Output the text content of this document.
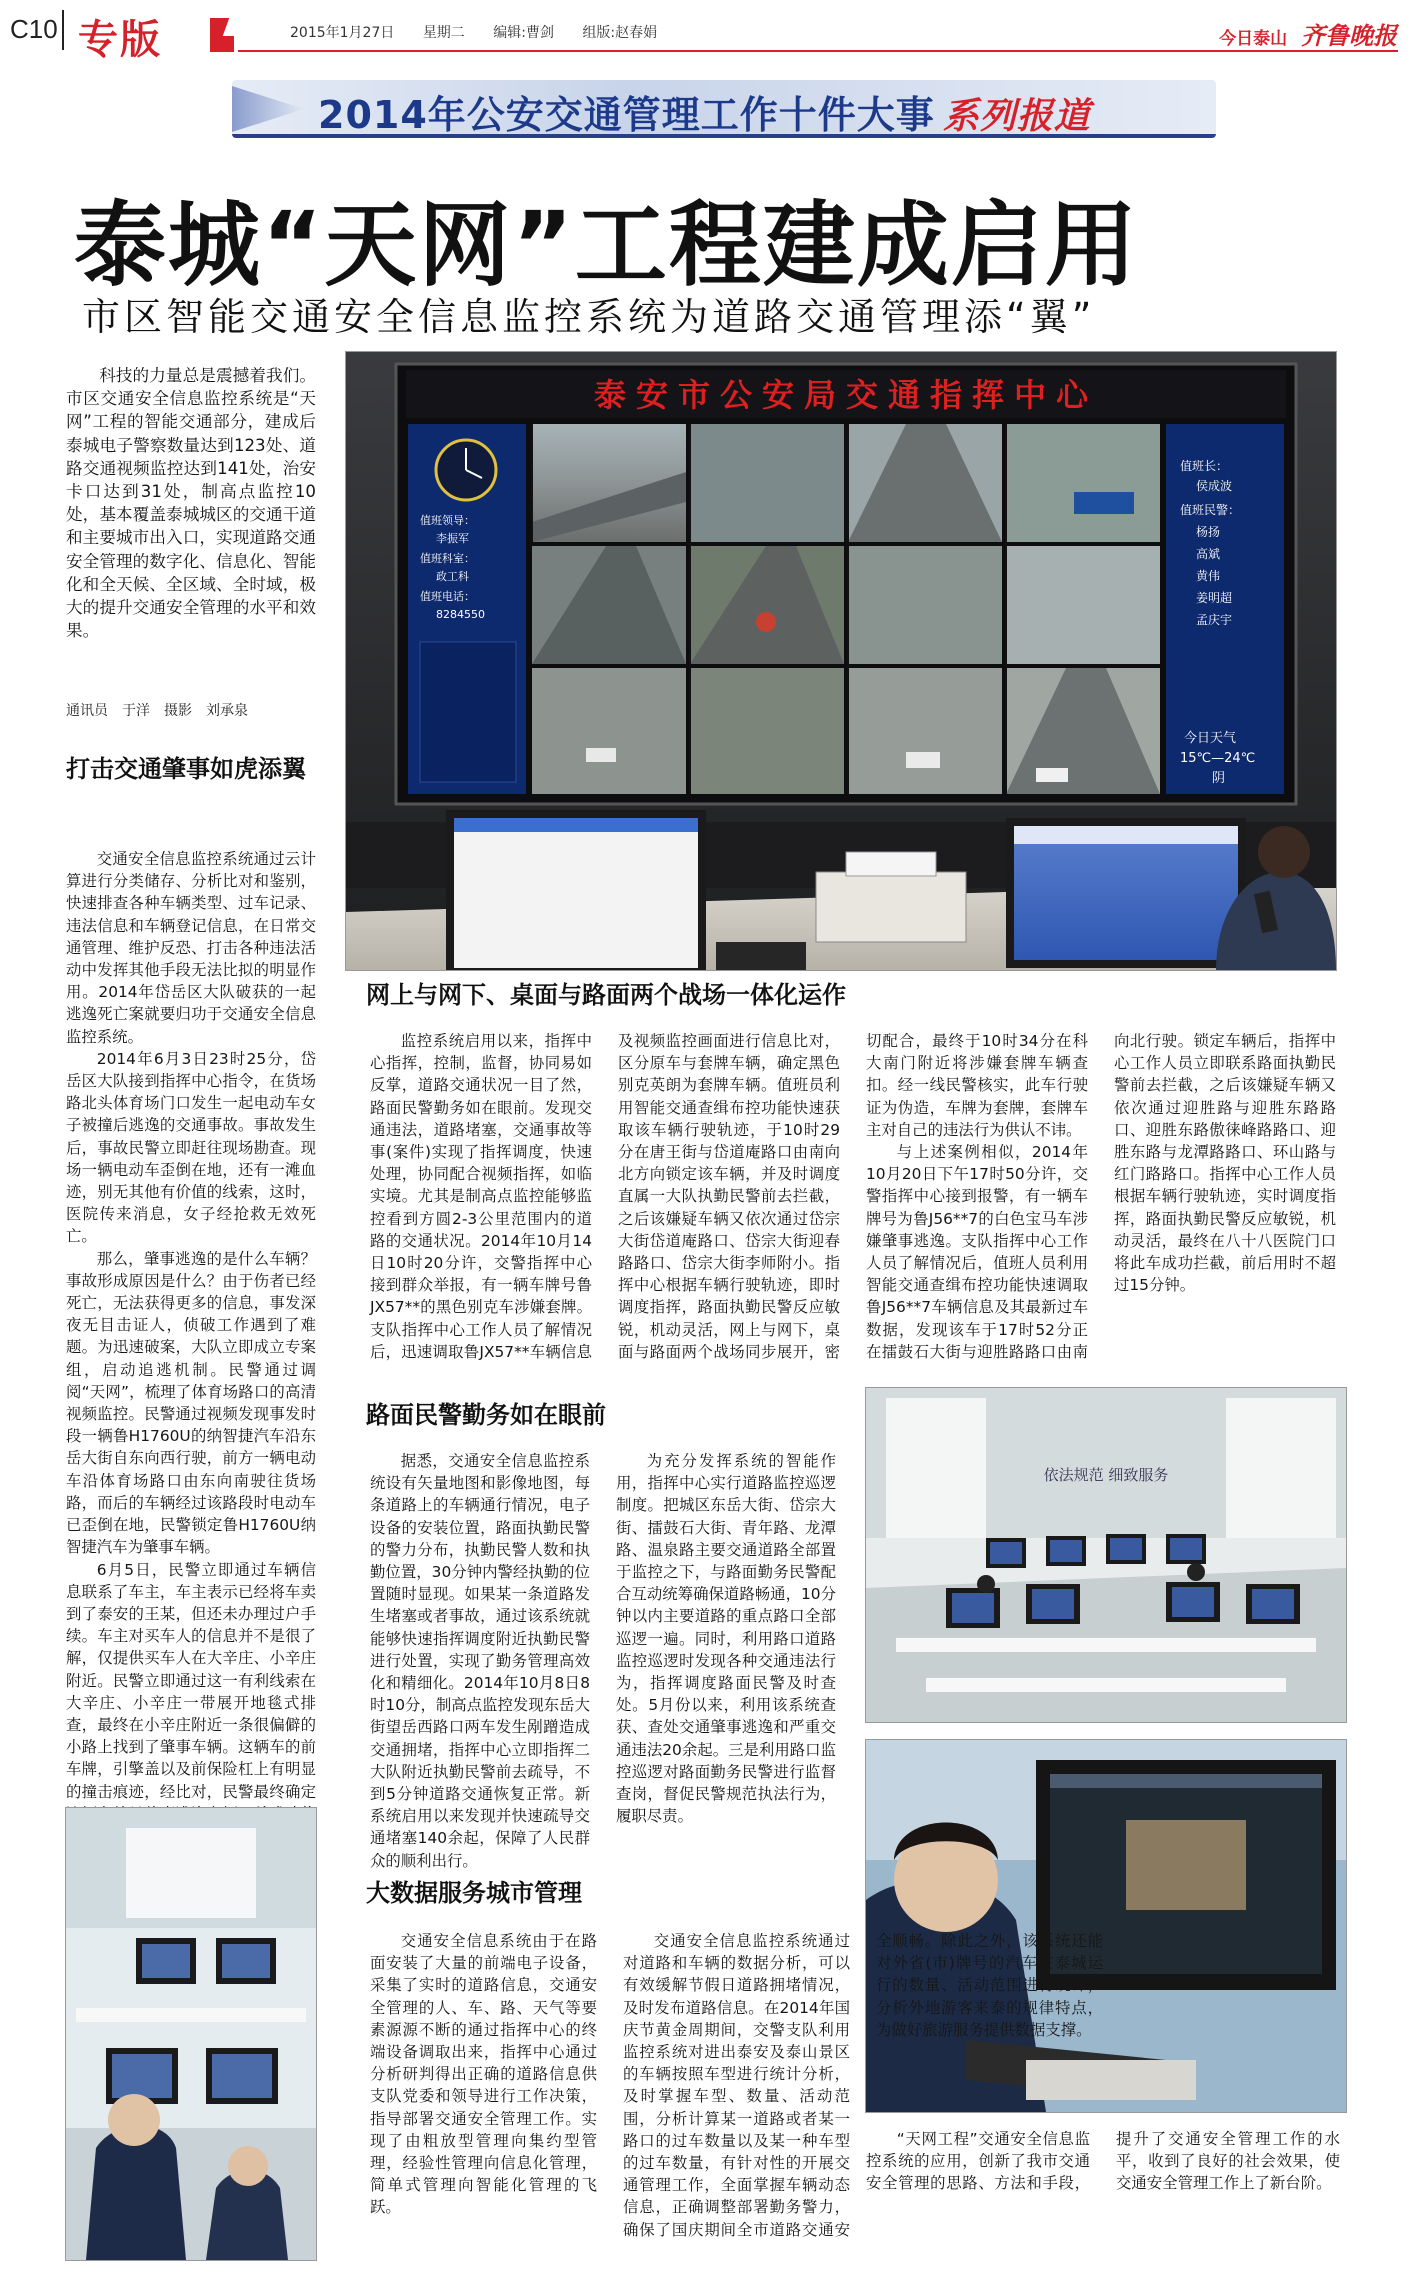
C10 专版	2015年1月27日 星期二 编辑:曹剑 组版:赵春娟	今日泰山 齐鲁晚报
2014年公安交通管理工作十件大事 系列报道
泰城“天网”工程建成启用
市区智能交通安全信息监控系统为道路交通管理添“翼”

科技的力量总是震撼着我们。市区交通安全信息监控系统是“天网”工程的智能交通部分，建成后泰城电子警察数量达到123处、道路交通视频监控达到141处，治安卡口达到31处，制高点监控10处，基本覆盖泰城城区的交通干道和主要城市出入口，实现道路交通安全管理的数字化、信息化、智能化和全天候、全区域、全时域，极大的提升交通安全管理的水平和效果。

通讯员　于洋　摄影　刘承泉
泰安市公安局交通指挥中心
值班领导：
李振军
值班科室：
政工科
值班电话：
8284550
值班长：
侯成波
值班民警：
杨扬
高斌
黄伟
姜明超
孟庆宇
今日天气
15℃—24℃
阴
打击交通肇事如虎添翼

交通安全信息监控系统通过云计算进行分类储存、分析比对和鉴别，快速排查各种车辆类型、过车记录、违法信息和车辆登记信息，在日常交通管理、维护反恐、打击各种违法活动中发挥其他手段无法比拟的明显作用。2014年岱岳区大队破获的一起逃逸死亡案就要归功于交通安全信息监控系统。

2014年6月3日23时25分，岱岳区大队接到指挥中心指令，在货场路北头体育场门口发生一起电动车女子被撞后逃逸的交通事故。事故发生后，事故民警立即赶往现场勘查。现场一辆电动车歪倒在地，还有一滩血迹，别无其他有价值的线索，这时，医院传来消息，女子经抢救无效死亡。

那么，肇事逃逸的是什么车辆？事故形成原因是什么？由于伤者已经死亡，无法获得更多的信息，事发深夜无目击证人，侦破工作遇到了难题。为迅速破案，大队立即成立专案组，启动追逃机制。民警通过调阅“天网”，梳理了体育场路口的高清视频监控。民警通过视频发现事发时段一辆鲁H1760U的纳智捷汽车沿东岳大街自东向西行驶，前方一辆电动车沿体育场路口由东向南驶往货场路，而后的车辆经过该路段时电动车已歪倒在地，民警锁定鲁H1760U纳智捷汽车为肇事车辆。

6月5日，民警立即通过车辆信息联系了车主，车主表示已经将车卖到了泰安的王某，但还未办理过户手续。车主对买车人的信息并不是很了解，仅提供买车人在大辛庄、小辛庄附近。民警立即通过这一有利线索在大辛庄、小辛庄一带展开地毯式排查，最终在小辛庄附近一条很偏僻的小路上找到了肇事车辆。这辆车的前车牌，引擎盖以及前保险杠上有明显的撞击痕迹，经比对，民警最终确定

网上与网下、桌面与路面两个战场一体化运作

监控系统启用以来，指挥中心指挥，控制，监督，协同易如反掌，道路交通状况一目了然，路面民警勤务如在眼前。发现交通违法，道路堵塞，交通事故等事(案件)实现了指挥调度，快速处理，协同配合视频指挥，如临实境。尤其是制高点监控能够监控看到方圆2-3公里范围内的道路的交通状况。2014年10月14日10时20分许，交警指挥中心接到群众举报，有一辆车牌号鲁JX57**的黑色别克车涉嫌套牌。支队指挥中心工作人员了解情况后，迅速调取鲁JX57**车辆信息及视频监控画面进行信息比对，区分原车与套牌车辆，确定黑色别克英朗为套牌车辆。值班员利用智能交通查缉布控功能快速获取该车辆行驶轨迹，于10时29分在唐王街与岱道庵路口由南向北方向锁定该车辆，并及时调度直属一大队执勤民警前去拦截，之后该嫌疑车辆又依次通过岱宗大街岱道庵路口、岱宗大街迎春路路口、岱宗大街李师附小。指挥中心根据车辆行驶轨迹，即时调度指挥，路面执勤民警反应敏锐，机动灵活，网上与网下，桌面与路面两个战场同步展开，密切配合，最终于10时34分在科大南门附近将涉嫌套牌车辆查扣。经一线民警核实，此车行驶证为伪造，车牌为套牌，套牌车主对自己的违法行为供认不讳。

与上述案例相似，2014年10月20日下午17时50分许，交警指挥中心接到报警，有一辆车牌号为鲁J56**7的白色宝马车涉嫌肇事逃逸。支队指挥中心工作人员了解情况后，值班人员利用智能交通查缉布控功能快速调取鲁J56**7车辆信息及其最新过车数据，发现该车于17时52分正在擂鼓石大街与迎胜路路口由南向北行驶。锁定车辆后，指挥中心工作人员立即联系路面执勤民警前去拦截，之后该嫌疑车辆又依次通过迎胜路与迎胜东路路口、迎胜东路傲徕峰路路口、迎胜东路与龙潭路路口、环山路与红门路路口。指挥中心工作人员根据车辆行驶轨迹，实时调度指挥，路面执勤民警反应敏锐，机动灵活，最终在八十八医院门口将此车成功拦截，前后用时不超过15分钟。

路面民警勤务如在眼前

据悉，交通安全信息监控系统设有矢量地图和影像地图，每条道路上的车辆通行情况，电子设备的安装位置，路面执勤民警的警力分布，执勤民警人数和执勤位置，30分钟内警经执勤的位置随时显现。如果某一条道路发生堵塞或者事故，通过该系统就能够快速指挥调度附近执勤民警进行处置，实现了勤务管理高效化和精细化。2014年10月8日8时10分，制高点监控发现东岳大街望岳西路口两车发生剐蹭造成交通拥堵，指挥中心立即指挥二大队附近执勤民警前去疏导，不到5分钟道路交通恢复正常。新系统启用以来发现并快速疏导交通堵塞140余起，保障了人民群众的顺利出行。

为充分发挥系统的智能作用，指挥中心实行道路监控巡逻制度。把城区东岳大街、岱宗大街、擂鼓石大街、青年路、龙潭路、温泉路主要交通道路全部置于监控之下，与路面勤务民警配合互动统筹确保道路畅通，10分钟以内主要道路的重点路口全部巡逻一遍。同时，利用路口道路监控巡逻时发现各种交通违法行为，指挥调度路面民警及时查处。5月份以来，利用该系统查获、查处交通肇事逃逸和严重交通违法20余起。三是利用路口监控巡逻对路面勤务民警进行监督查岗，督促民警规范执法行为，履职尽责。

依法规范 细致服务
大数据服务城市管理

交通安全信息系统由于在路面安装了大量的前端电子设备，采集了实时的道路信息，交通安全管理的人、车、路、天气等要素源源不断的通过指挥中心的终端设备调取出来，指挥中心通过分析研判得出正确的道路信息供支队党委和领导进行工作决策，指导部署交通安全管理工作。实现了由粗放型管理向集约型管理，经验性管理向信息化管理，简单式管理向智能化管理的飞跃。

交通安全信息监控系统通过对道路和车辆的数据分析，可以有效缓解节假日道路拥堵情况，及时发布道路信息。在2014年国庆节黄金周期间，交警支队利用监控系统对进出泰安及泰山景区的车辆按照车型进行统计分析，及时掌握车型、数量、活动范围，分析计算某一道路或者某一路口的过车数量以及某一种车型的过车数量，有针对性的开展交通管理工作，全面掌握车辆动态信息，正确调整部署勤务警力，确保了国庆期间全市道路交通安全顺畅。除此之外，该系统还能对外省(市)牌号的汽车在泰城运行的数量、活动范围进行统计，分析外地游客来泰的规律特点，为做好旅游服务提供数据支撑。

“天网工程”交通安全信息监控系统的应用，创新了我市交通安全管理的思路、方法和手段，提升了交通安全管理工作的水平，收到了良好的社会效果，使交通安全管理工作上了新台阶。
